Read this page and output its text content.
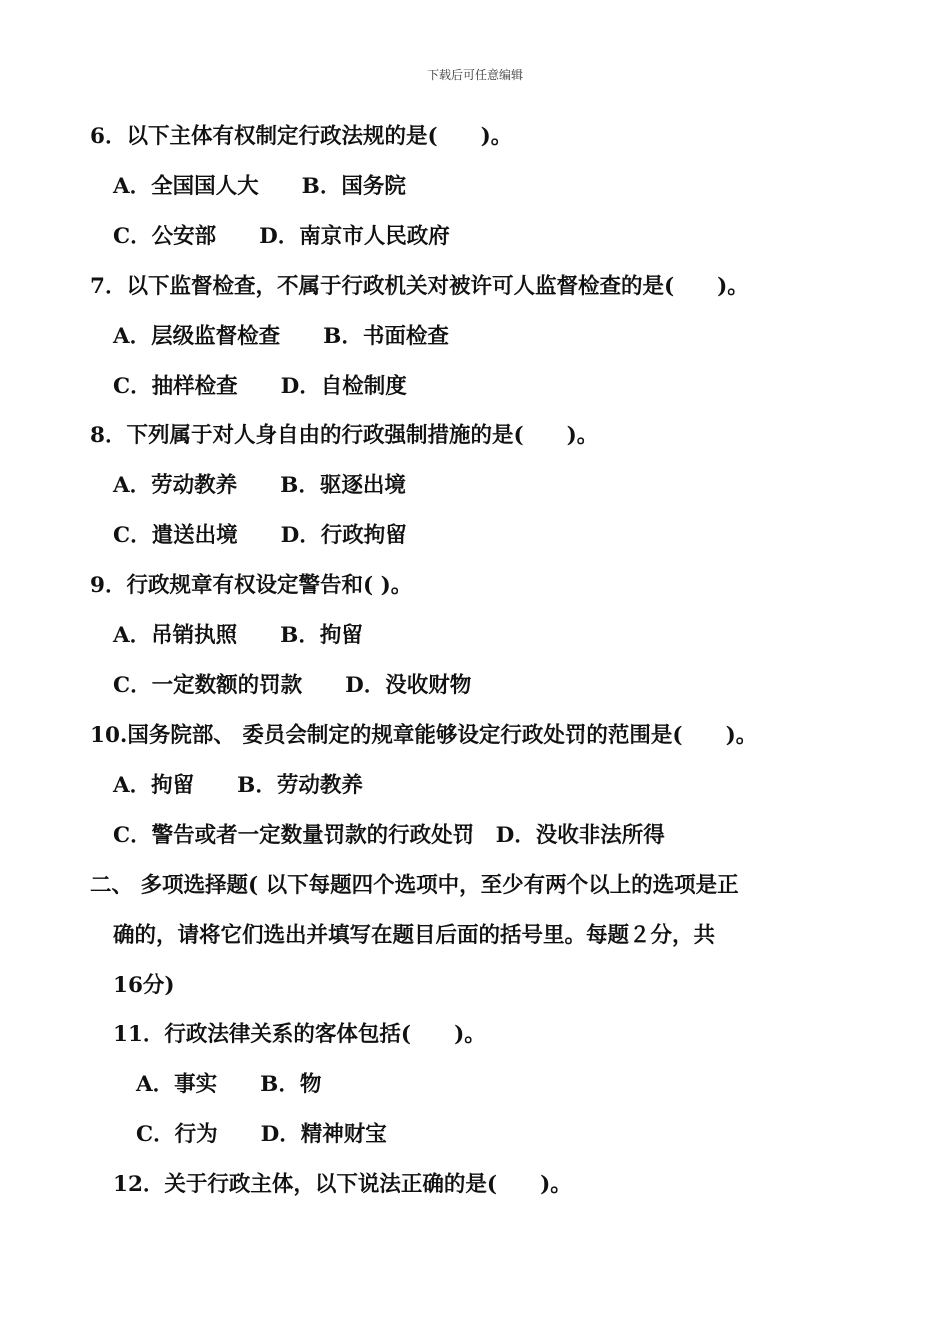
下载后可任意编辑
6．以下主体有权制定行政法规的是(　　)。
A．全国国人大　　B．国务院
C．公安部　　D．南京市人民政府
7．以下监督检查，不属于行政机关对被许可人监督检查的是(　　)。
A．层级监督检查　　B．书面检查
C．抽样检查　　D．自检制度
8．下列属于对人身自由的行政强制措施的是(　　)。
A．劳动教养　　B．驱逐出境
C．遣送出境　　D．行政拘留
9．行政规章有权设定警告和( )。
A．吊销执照　　B．拘留
C．一定数额的罚款　　D．没收财物
10.国务院部、 委员会制定的规章能够设定行政处罚的范围是(　　)。
A．拘留　　B．劳动教养
C．警告或者一定数量罚款的行政处罚　D．没收非法所得
二、 多项选择题( 以下每题四个选项中，至少有两个以上的选项是正
确的，请将它们选出并填写在题目后面的括号里。每题２分，共
16分)
11．行政法律关系的客体包括(　　)。
A．事实　　B．物
C．行为　　D．精神财宝
12．关于行政主体，以下说法正确的是(　　)。
